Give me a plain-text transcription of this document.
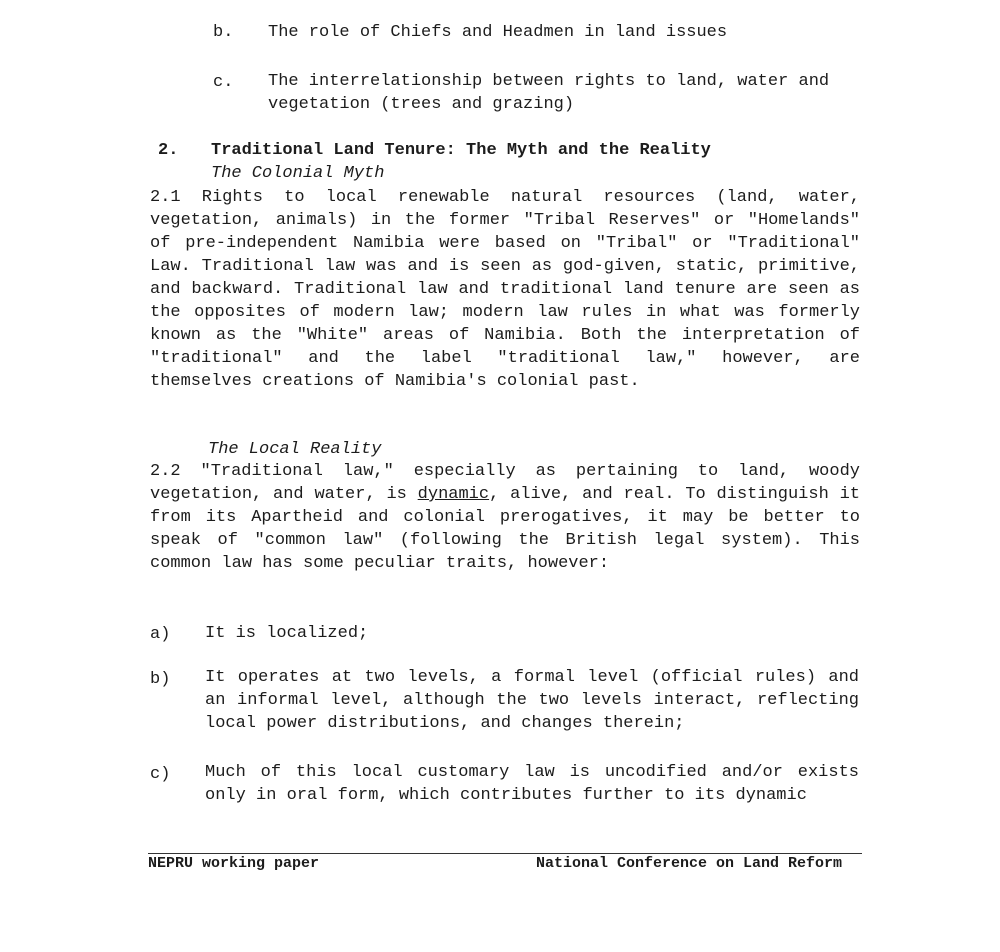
b. The role of Chiefs and Headmen in land issues
c. The interrelationship between rights to land, water and
vegetation (trees and grazing)
2. Traditional Land Tenure: The Myth and the Reality
The Colonial Myth

2.1 Rights to local renewable natural resources (land, water, vegetation, animals) in the former "Tribal Reserves" or "Homelands" of pre-independent Namibia were based on "Tribal" or "Traditional" Law. Traditional law was and is seen as god-given, static, primitive, and backward. Traditional law and traditional land tenure are seen as the opposites of modern law; modern law rules in what was formerly known as the "White" areas of Namibia. Both the interpretation of "traditional" and the label "traditional law," however, are themselves creations of Namibia's colonial past.

The Local Reality

2.2 "Traditional law," especially as pertaining to land, woody vegetation, and water, is dynamic, alive, and real. To distinguish it from its Apartheid and colonial prerogatives, it may be better to speak of "common law" (following the British legal system). This common law has some peculiar traits, however:

a) It is localized;

b) It operates at two levels, a formal level (official rules) and an informal level, although the two levels interact, reflecting local power distributions, and changes therein;

c) Much of this local customary law is uncodified and/or exists only in oral form, which contributes further to its dynamic

NEPRU working paper	National Conference on Land Reform
